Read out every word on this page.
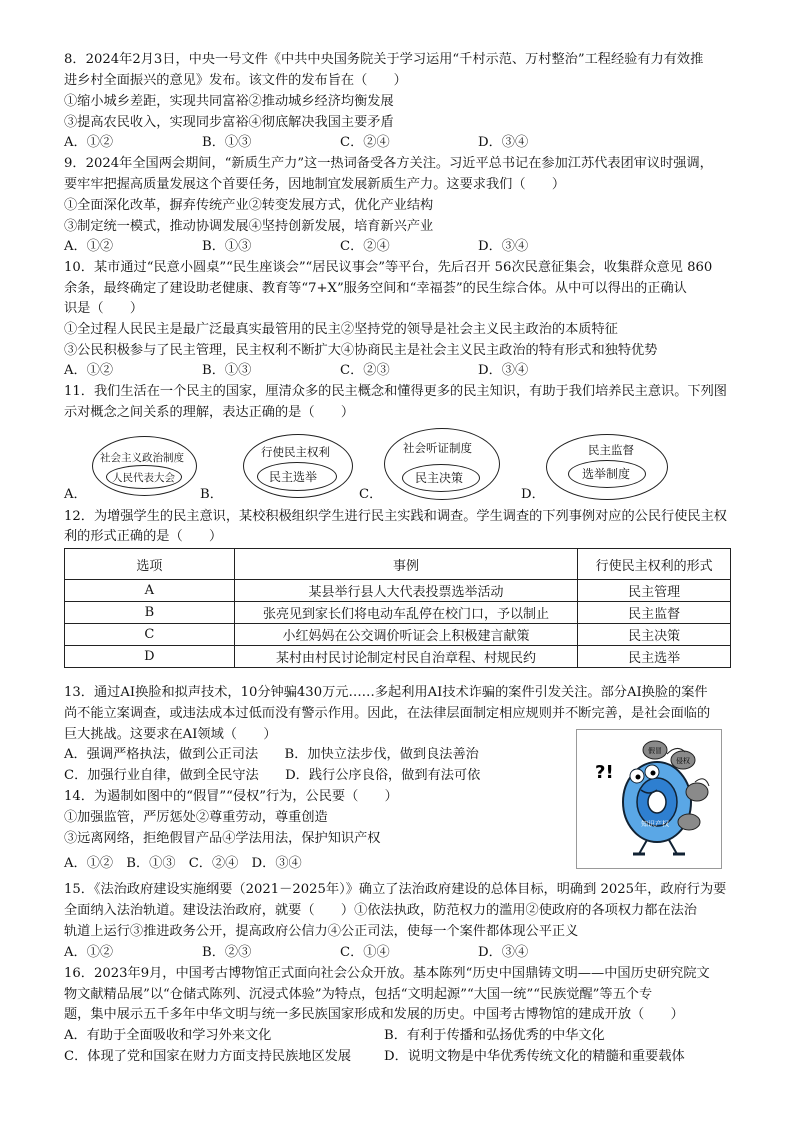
8．2024年2月3日，中央一号文件《中共中央国务院关于学习运用“千村示范、万村整治”工程经验有力有效推
进乡村全面振兴的意见》发布。该文件的发布旨在（　　）
①缩小城乡差距，实现共同富裕②推动城乡经济均衡发展
③提高农民收入，实现同步富裕④彻底解决我国主要矛盾
A．①②	B．①③	C．②④	D．③④
9．2024年全国两会期间，“新质生产力”这一热词备受各方关注。习近平总书记在参加江苏代表团审议时强调，
要牢牢把握高质量发展这个首要任务，因地制宜发展新质生产力。这要求我们（　　）
①全面深化改革，摒弃传统产业②转变发展方式，优化产业结构
③制定统一模式，推动协调发展④坚持创新发展，培育新兴产业
A．①②	B．①③	C．②④	D．③④
10．某市通过“民意小圆桌”“民生座谈会”“居民议事会”等平台，先后召开 56次民意征集会，收集群众意见 860
余条，最终确定了建设助老健康、教育等“7+X”服务空间和“幸福荟”的民生综合体。从中可以得出的正确认
识是（　　）
①全过程人民民主是最广泛最真实最管用的民主②坚持党的领导是社会主义民主政治的本质特征
③公民积极参与了民主管理，民主权利不断扩大④协商民主是社会主义民主政治的特有形式和独特优势
A．①②	B．①③	C．②③	D．③④
11．我们生活在一个民主的国家，厘清众多的民主概念和懂得更多的民主知识，有助于我们培养民主意识。下列图
示对概念之间关系的理解，表达正确的是（　　）
A．	B．	C．	D．
社会主义政治制度
人民代表大会
行使民主权利
民主选举
社会听证制度
民主决策
民主监督
选举制度
12．为增强学生的民主意识，某校积极组织学生进行民主实践和调查。学生调查的下列事例对应的公民行使民主权
利的形式正确的是（　　）
选项	事例	行使民主权利的形式
A	某县举行县人大代表投票选举活动	民主管理
B	张亮见到家长们将电动车乱停在校门口，予以制止	民主监督
C	小红妈妈在公交调价听证会上积极建言献策	民主决策
D	某村由村民讨论制定村民自治章程、村规民约	民主选举
13．通过AI换脸和拟声技术，10分钟骗430万元……多起利用AI技术诈骗的案件引发关注。部分AI换脸的案件
尚不能立案调查，或违法成本过低而没有警示作用。因此，在法律层面制定相应规则并不断完善，是社会面临的
巨大挑战。这要求在AI领域（　　）
A．强调严格执法，做到公正司法　　B．加快立法步伐，做到良法善治
C．加强行业自律，做到全民守法　　D．践行公序良俗，做到有法可依
14．为遏制如图中的“假冒”“侵权”行为，公民要（　　）
①加强监管，严厉惩处②尊重劳动，尊重创造
③远离网络，拒绝假冒产品④学法用法，保护知识产权
A．①②　B．①③　C．②④　D．③④
假冒
侵权
知识产权
?!
15．《法治政府建设实施纲要（2021－2025年）》确立了法治政府建设的总体目标，明确到 2025年，政府行为要
全面纳入法治轨道。建设法治政府，就要（　　）①依法执政，防范权力的滥用②使政府的各项权力都在法治
轨道上运行③推进政务公开，提高政府公信力④公正司法，使每一个案件都体现公平正义
A．①②	B．②③	C．①④	D．③④
16．2023年9月，中国考古博物馆正式面向社会公众开放。基本陈列“历史中国鼎铸文明——中国历史研究院文
物文献精品展”以“仓储式陈列、沉浸式体验”为特点，包括“文明起源”“大国一统”“民族觉醒”等五个专
题，集中展示五千多年中华文明与统一多民族国家形成和发展的历史。中国考古博物馆的建成开放（　　）
A．有助于全面吸收和学习外来文化	B．有利于传播和弘扬优秀的中华文化
C．体现了党和国家在财力方面支持民族地区发展 D．说明文物是中华优秀传统文化的精髓和重要载体
